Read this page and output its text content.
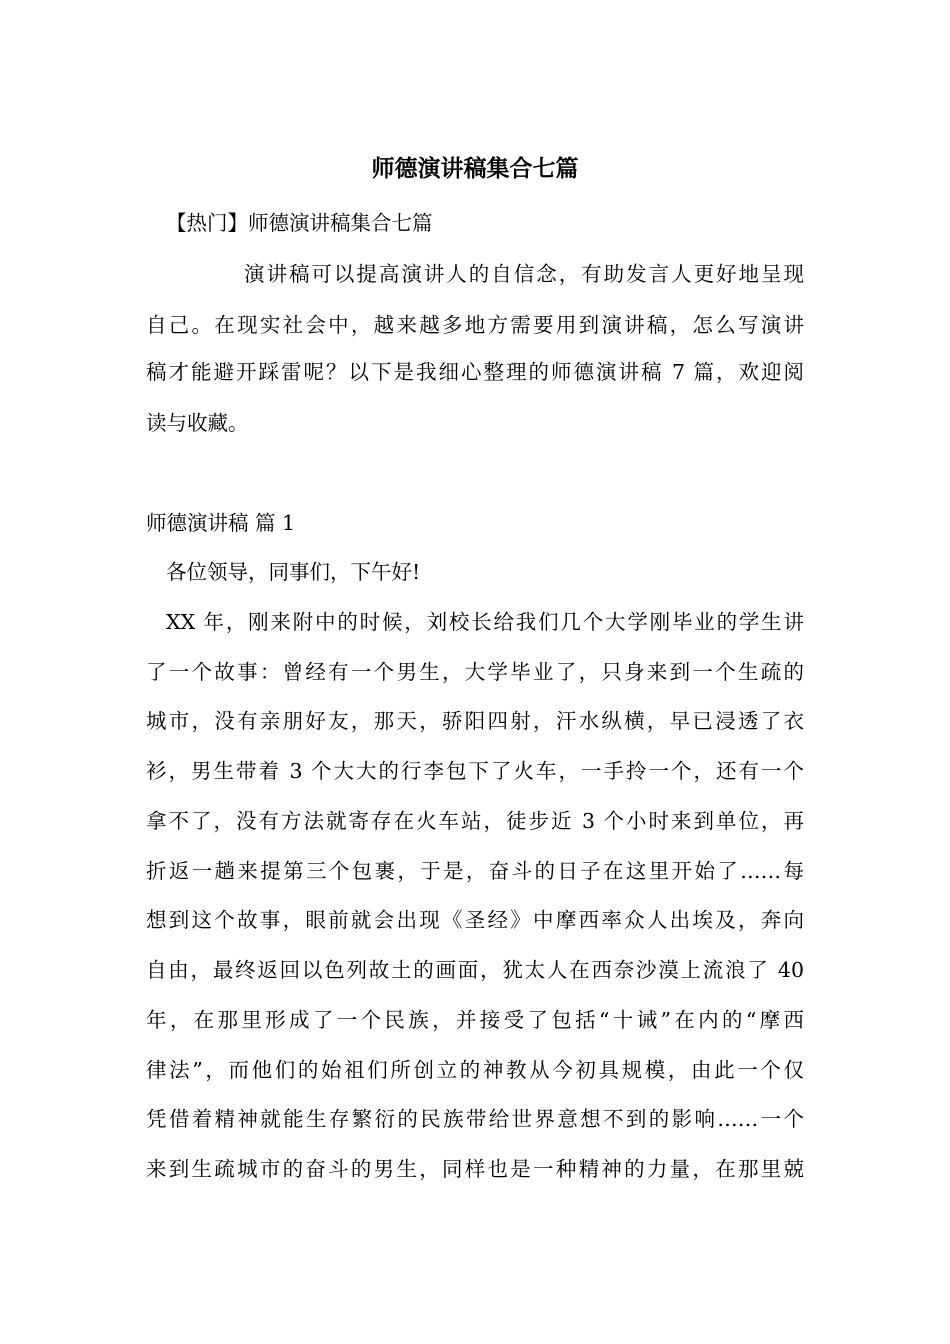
师德演讲稿集合七篇

【热门】师德演讲稿集合七篇

演讲稿可以提高演讲人的自信念，有助发言人更好地呈现

自己。在现实社会中，越来越多地方需要用到演讲稿，怎么写演讲

稿才能避开踩雷呢？以下是我细心整理的师德演讲稿 7 篇，欢迎阅

读与收藏。

师德演讲稿 篇 1

各位领导，同事们，下午好!

XX 年，刚来附中的时候，刘校长给我们几个大学刚毕业的学生讲

了一个故事：曾经有一个男生，大学毕业了，只身来到一个生疏的

城市，没有亲朋好友，那天，骄阳四射，汗水纵横，早已浸透了衣

衫，男生带着 3 个大大的行李包下了火车，一手拎一个，还有一个

拿不了，没有方法就寄存在火车站，徒步近 3 个小时来到单位，再

折返一趟来提第三个包裹，于是，奋斗的日子在这里开始了……每

想到这个故事，眼前就会出现《圣经》中摩西率众人出埃及，奔向

自由，最终返回以色列故土的画面，犹太人在西奈沙漠上流浪了 40

年，在那里形成了一个民族，并接受了包括“十诫”在内的“摩西

律法”，而他们的始祖们所创立的神教从今初具规模，由此一个仅

凭借着精神就能生存繁衍的民族带给世界意想不到的影响……一个

来到生疏城市的奋斗的男生，同样也是一种精神的力量，在那里兢
